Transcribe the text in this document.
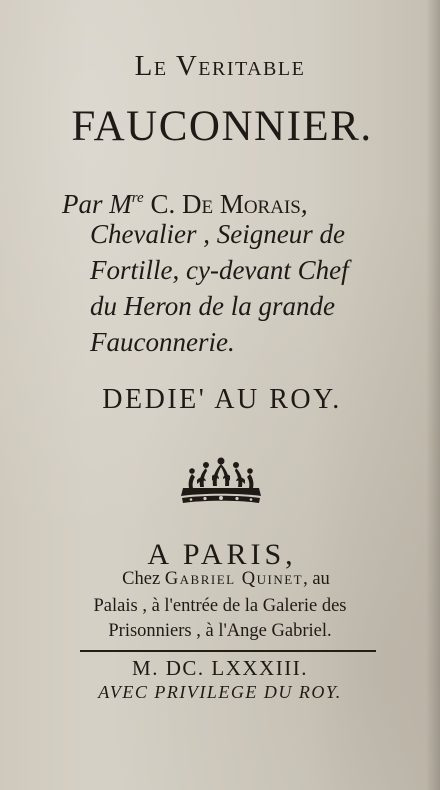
Le Veritable
FAUCONNIER.
Par Mre C. De Morais,
Chevalier , Seigneur de
Fortille, cy-devant Chef
du Heron de la grande
Fauconnerie.
DEDIE' AU ROY.
A PARIS,
Chez Gabriel Quinet, au
Palais , à l'entrée de la Galerie des
Prisonniers , à l'Ange Gabriel.
M. DC. LXXXIII.
AVEC PRIVILEGE DU ROY.
